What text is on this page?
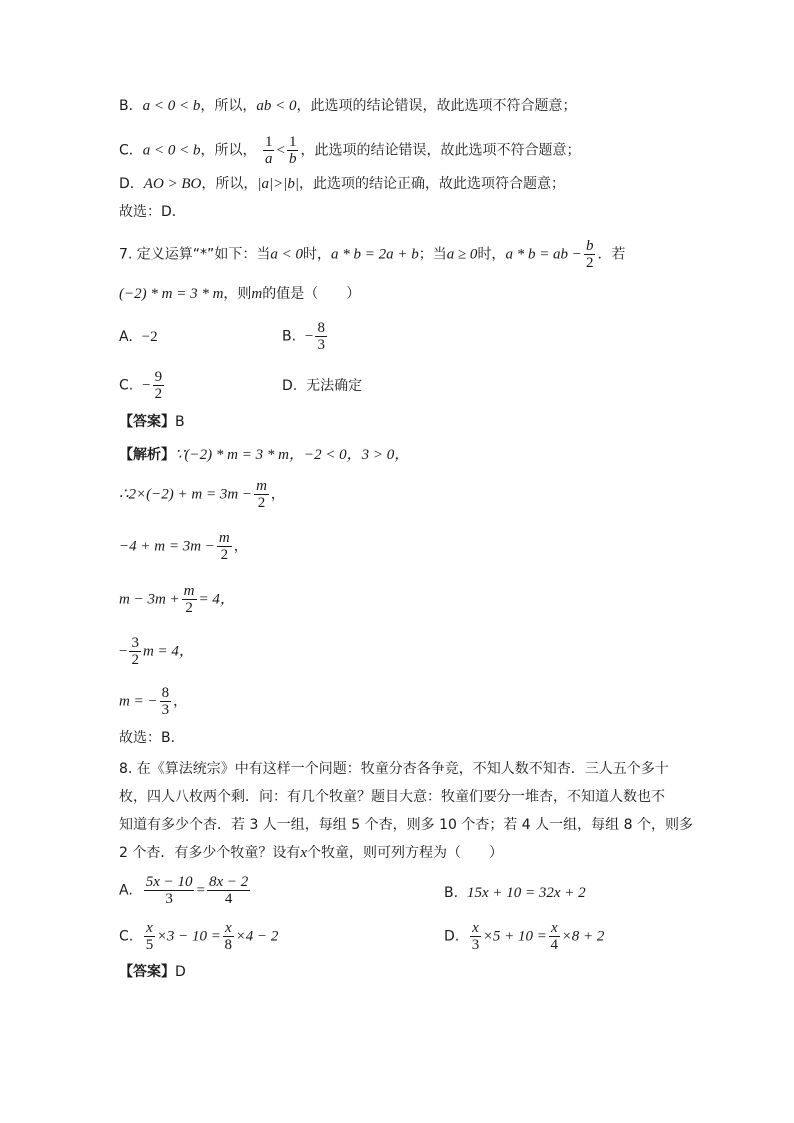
B．a < 0 < b，所以，ab < 0，此选项的结论错误，故此选项不符合题意；
C．a < 0 < b，所以， $\frac{1}{a} < \frac{1}{b}$ ，此选项的结论错误，故此选项不符合题意；
D．AO > BO，所以，|a|>|b|，此选项的结论正确，故此选项符合题意；
故选：D．
7. 定义运算“*”如下：当a < 0时，a * b = 2a + b；当a ≥ 0时，a * b = ab − $\frac{b}{2}$ ．若
(−2) * m = 3 * m，则m的值是（　　）
A. −2	B. − $\frac{8}{3}$
C. − $\frac{9}{2}$	D. 无法确定
【答案】B
【解析】∵(−2) * m = 3 * m，−2 < 0，3 > 0，
∴2×(−2) + $m = 3m - \frac{m}{2}$ ，
$-4 + m = 3m - \frac{m}{2}$ ，
$m - 3m + \frac{m}{2} = 4$，
− $\frac{3}{2}$ m = 4，
m = − $\frac{8}{3}$ ，
故选：B．
8. 在《算法统宗》中有这样一个问题：牧童分杏各争竞，不知人数不知杏．三人五个多十
枚，四人八枚两个剩．问：有几个牧童？题目大意：牧童们要分一堆杏，不知道人数也不
知道有多少个杏．若 3 人一组，每组 5 个杏，则多 10 个杏；若 4 人一组，每组 8 个，则多
2 个杏．有多少个牧童？设有x个牧童，则可列方程为（　　）
A. $\frac{5x - 10}{3} = \frac{8x - 2}{4}$	B. 15x + 10 = 32x + 2
C. $\frac{x}{5} \times 3 - 10 = \frac{x}{8} \times 4 - 2$	D. $\frac{x}{3} \times 5 + 10 = \frac{x}{4} \times 8 + 2$
【答案】D
